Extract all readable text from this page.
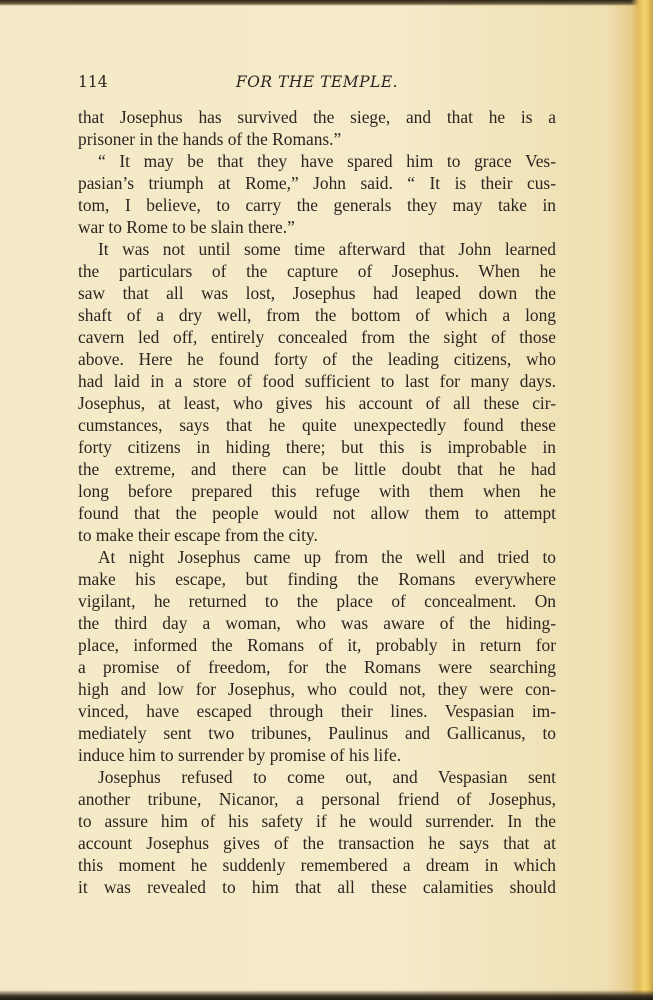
114	FOR THE TEMPLE.
that Josephus has survived the siege, and that he is a
prisoner in the hands of the Romans.”
“ It may be that they have spared him to grace Ves-
pasian’s triumph at Rome,” John said. “ It is their cus-
tom, I believe, to carry the generals they may take in
war to Rome to be slain there.”
It was not until some time afterward that John learned
the particulars of the capture of Josephus. When he
saw that all was lost, Josephus had leaped down the
shaft of a dry well, from the bottom of which a long
cavern led off, entirely concealed from the sight of those
above. Here he found forty of the leading citizens, who
had laid in a store of food sufficient to last for many days.
Josephus, at least, who gives his account of all these cir-
cumstances, says that he quite unexpectedly found these
forty citizens in hiding there; but this is improbable in
the extreme, and there can be little doubt that he had
long before prepared this refuge with them when he
found that the people would not allow them to attempt
to make their escape from the city.
At night Josephus came up from the well and tried to
make his escape, but finding the Romans everywhere
vigilant, he returned to the place of concealment. On
the third day a woman, who was aware of the hiding-
place, informed the Romans of it, probably in return for
a promise of freedom, for the Romans were searching
high and low for Josephus, who could not, they were con-
vinced, have escaped through their lines. Vespasian im-
mediately sent two tribunes, Paulinus and Gallicanus, to
induce him to surrender by promise of his life.
Josephus refused to come out, and Vespasian sent
another tribune, Nicanor, a personal friend of Josephus,
to assure him of his safety if he would surrender. In the
account Josephus gives of the transaction he says that at
this moment he suddenly remembered a dream in which
it was revealed to him that all these calamities should
